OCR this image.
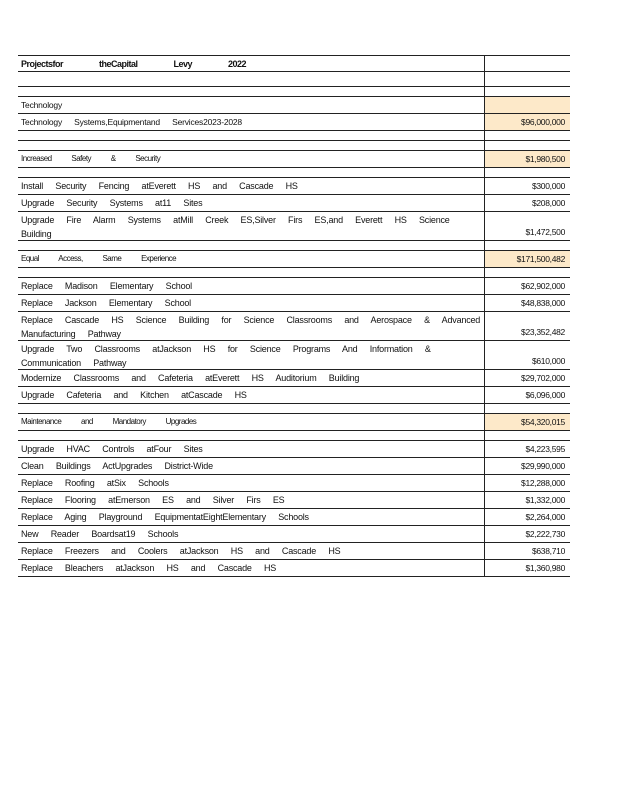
Projectsfor theCapital Levy 2022
Technology
Technology Systems,Equipmentand Services2023-2028	$96,000,000
Increased Safety & Security	$1,980,500
Install Security Fencing atEverett HS and Cascade HS	$300,000
Upgrade Security Systems at11 Sites	$208,000
Upgrade Fire Alarm Systems atMill Creek ES,Silver Firs ES,and Everett HS Science Building	$1,472,500
Equal Access, Same Experience	$171,500,482
Replace Madison Elementary School	$62,902,000
Replace Jackson Elementary School	$48,838,000
Replace Cascade HS Science Building for Science Classrooms and Aerospace & Advanced Manufacturing Pathway	$23,352,482
Upgrade Two Classrooms atJackson HS for Science Programs And Information & Communication Pathway	$610,000
Modernize Classrooms and Cafeteria atEverett HS Auditorium Building	$29,702,000
Upgrade Cafeteria and Kitchen atCascade HS	$6,096,000
Maintenance and Mandatory Upgrades	$54,320,015
Upgrade HVAC Controls atFour Sites	$4,223,595
Clean Buildings ActUpgrades District-Wide	$29,990,000
Replace Roofing atSix Schools	$12,288,000
Replace Flooring atEmerson ES and Silver Firs ES	$1,332,000
Replace Aging Playground EquipmentatEightElementary Schools	$2,264,000
New Reader Boardsat19 Schools	$2,222,730
Replace Freezers and Coolers atJackson HS and Cascade HS	$638,710
Replace Bleachers atJackson HS and Cascade HS	$1,360,980
